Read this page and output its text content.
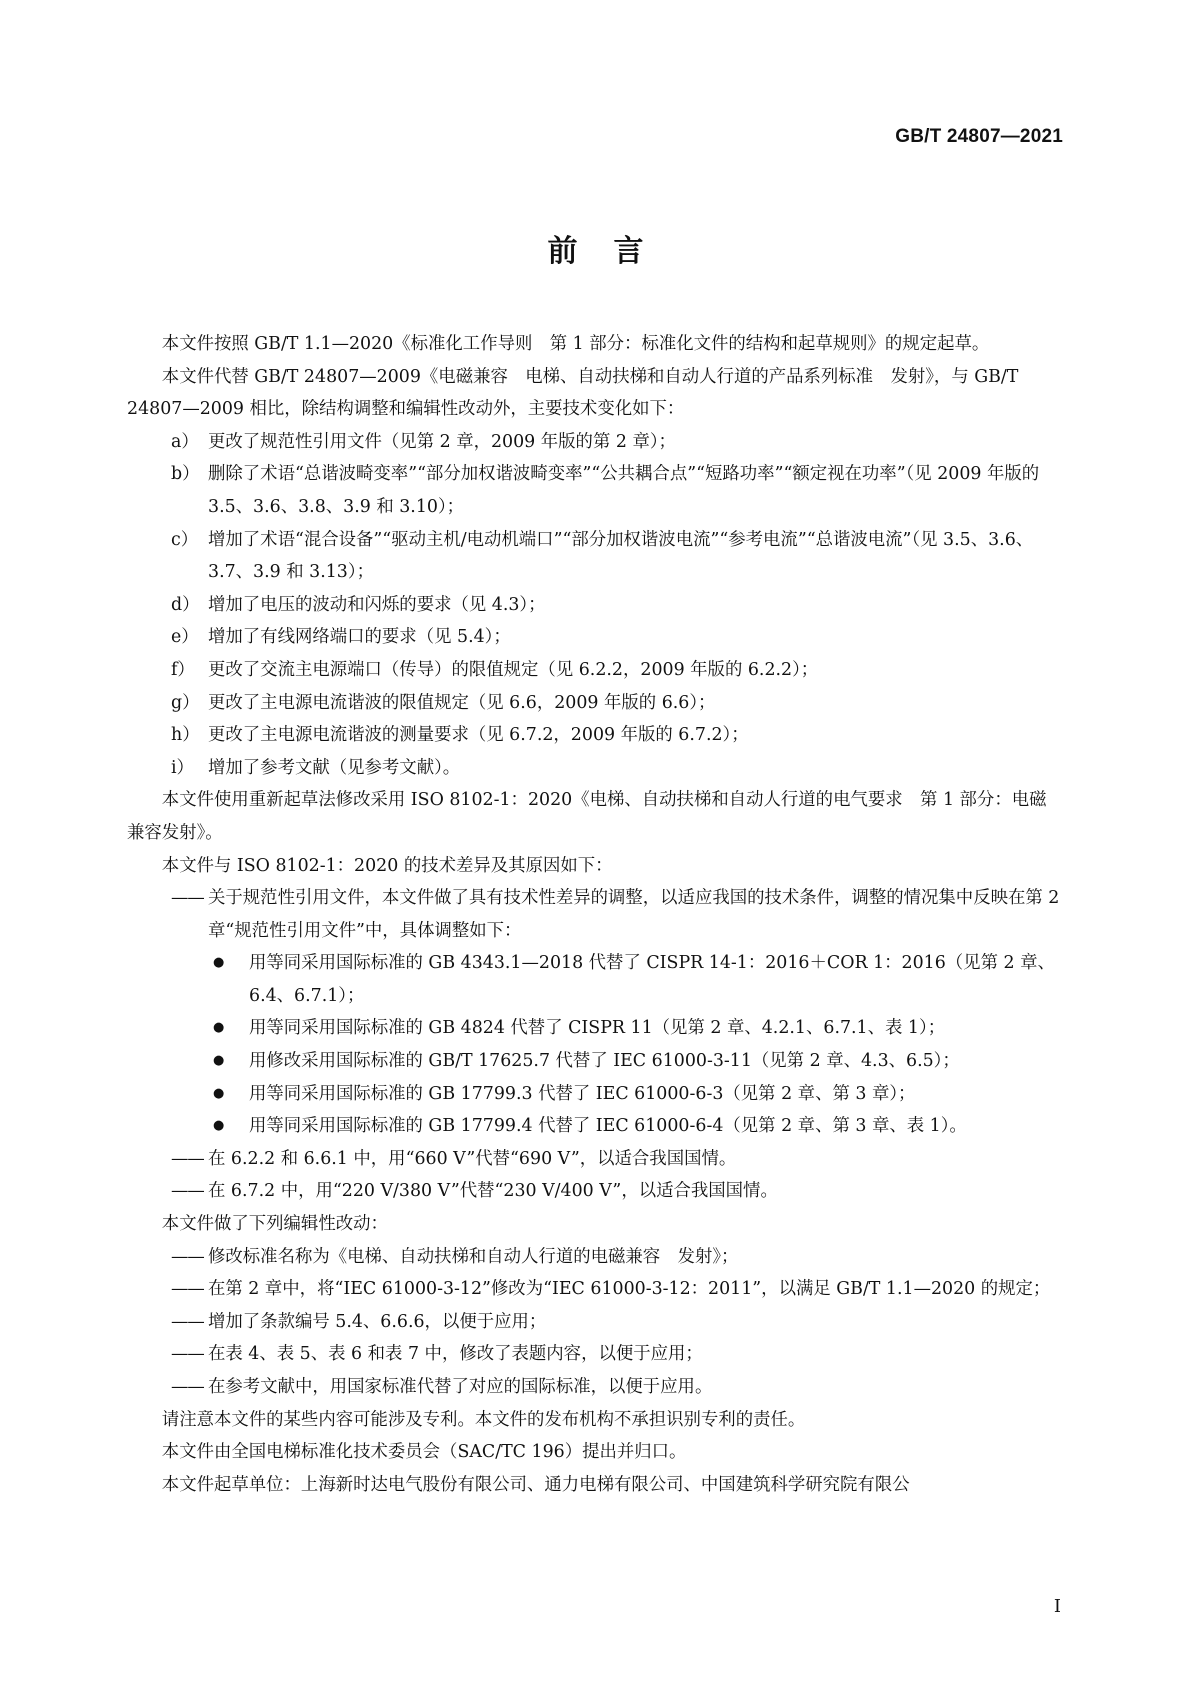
GB/T 24807—2021
前言

本文件按照 GB/T 1.1—2020《标准化工作导则　第 1 部分：标准化文件的结构和起草规则》的规定起草。

本文件代替 GB/T 24807—2009《电磁兼容　电梯、自动扶梯和自动人行道的产品系列标准　发射》，与 GB/T 24807—2009 相比，除结构调整和编辑性改动外，主要技术变化如下：

a） 更改了规范性引用文件（见第 2 章，2009 年版的第 2 章）；
b） 删除了术语“总谐波畸变率”“部分加权谐波畸变率”“公共耦合点”“短路功率”“额定视在功率”（见 2009 年版的 3.5、3.6、3.8、3.9 和 3.10）；
c） 增加了术语“混合设备”“驱动主机/电动机端口”“部分加权谐波电流”“参考电流”“总谐波电流”（见 3.5、3.6、3.7、3.9 和 3.13）；
d） 增加了电压的波动和闪烁的要求（见 4.3）；
e） 增加了有线网络端口的要求（见 5.4）；
f） 更改了交流主电源端口（传导）的限值规定（见 6.2.2，2009 年版的 6.2.2）；
g） 更改了主电源电流谐波的限值规定（见 6.6，2009 年版的 6.6）；
h） 更改了主电源电流谐波的测量要求（见 6.7.2，2009 年版的 6.7.2）；
i） 增加了参考文献（见参考文献）。

本文件使用重新起草法修改采用 ISO 8102-1：2020《电梯、自动扶梯和自动人行道的电气要求　第 1 部分：电磁兼容发射》。

本文件与 ISO 8102-1：2020 的技术差异及其原因如下：

—— 关于规范性引用文件，本文件做了具有技术性差异的调整，以适应我国的技术条件，调整的情况集中反映在第 2 章“规范性引用文件”中，具体调整如下：
●	用等同采用国际标准的 GB 4343.1—2018 代替了 CISPR 14-1：2016＋COR 1：2016（见第 2 章、6.4、6.7.1）；
●	用等同采用国际标准的 GB 4824 代替了 CISPR 11（见第 2 章、4.2.1、6.7.1、表 1）；
●	用修改采用国际标准的 GB/T 17625.7 代替了 IEC 61000-3-11（见第 2 章、4.3、6.5）；
●	用等同采用国际标准的 GB 17799.3 代替了 IEC 61000-6-3（见第 2 章、第 3 章）；
●	用等同采用国际标准的 GB 17799.4 代替了 IEC 61000-6-4（见第 2 章、第 3 章、表 1）。
—— 在 6.2.2 和 6.6.1 中，用“660 V”代替“690 V”，以适合我国国情。
—— 在 6.7.2 中，用“220 V/380 V”代替“230 V/400 V”，以适合我国国情。

本文件做了下列编辑性改动：

—— 修改标准名称为《电梯、自动扶梯和自动人行道的电磁兼容　发射》；
—— 在第 2 章中，将“IEC 61000-3-12”修改为“IEC 61000-3-12：2011”，以满足 GB/T 1.1—2020 的规定；
—— 增加了条款编号 5.4、6.6.6，以便于应用；
—— 在表 4、表 5、表 6 和表 7 中，修改了表题内容，以便于应用；
—— 在参考文献中，用国家标准代替了对应的国际标准，以便于应用。

请注意本文件的某些内容可能涉及专利。本文件的发布机构不承担识别专利的责任。

本文件由全国电梯标准化技术委员会（SAC/TC 196）提出并归口。

本文件起草单位：上海新时达电气股份有限公司、通力电梯有限公司、中国建筑科学研究院有限公

I
